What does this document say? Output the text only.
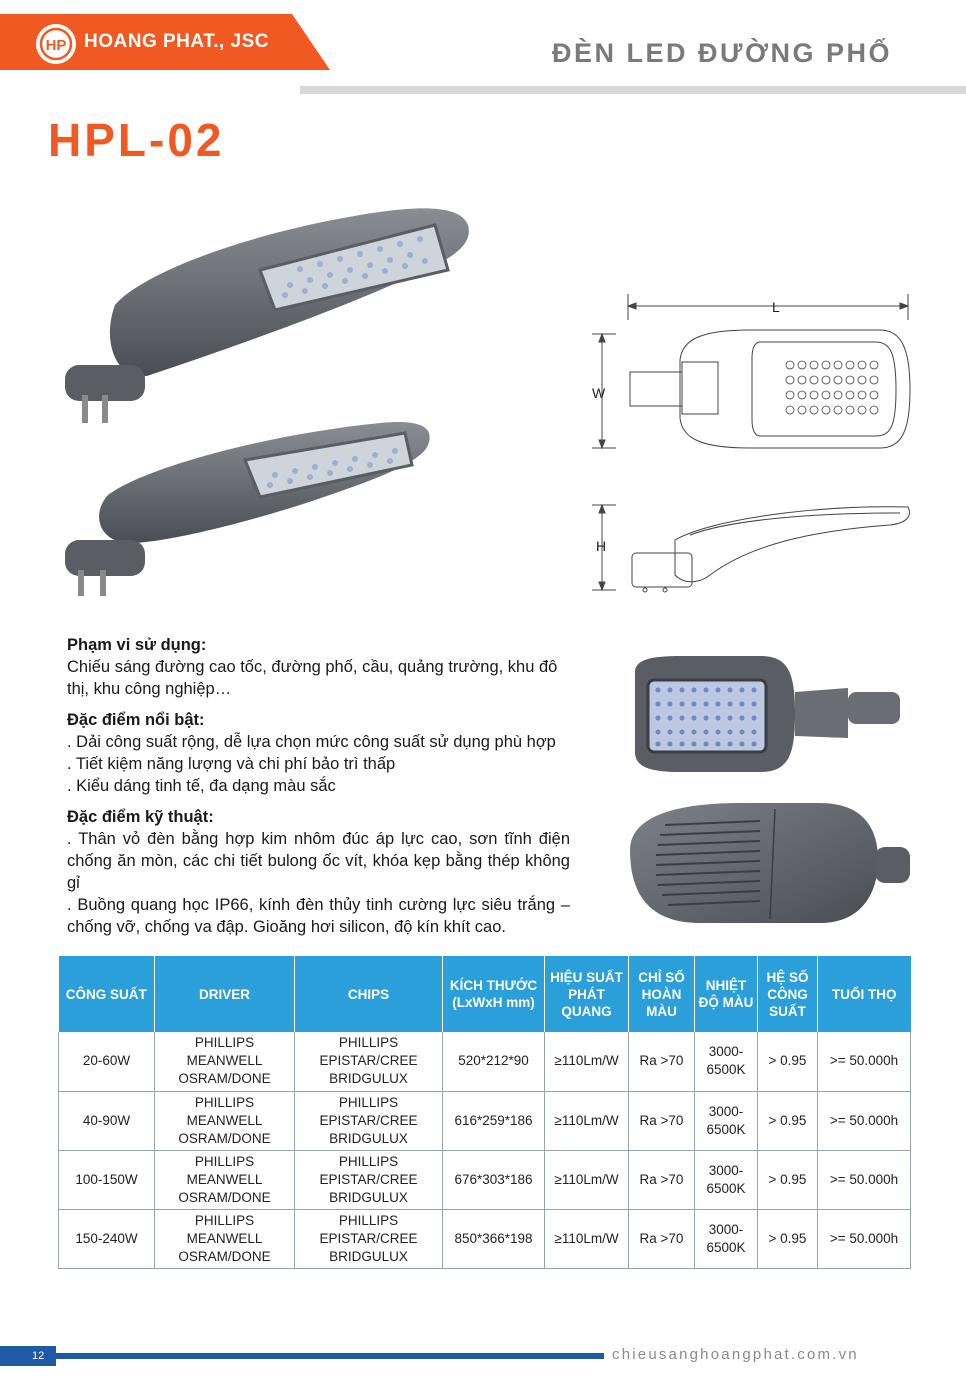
HP HOANG PHAT., JSC	ĐÈN LED ĐƯỜNG PHỐ
HPL-02
L
W
H
Phạm vi sử dụng:

Chiếu sáng đường cao tốc, đường phố, cầu, quảng trường, khu đô thị, khu công nghiệp…

Đặc điểm nổi bật:

. Dải công suất rộng, dễ lựa chọn mức công suất sử dụng phù hợp

. Tiết kiệm năng lượng và chi phí bảo trì thấp

. Kiểu dáng tinh tế, đa dạng màu sắc

Đặc điểm kỹ thuật:

. Thân vỏ đèn bằng hợp kim nhôm đúc áp lực cao, sơn tĩnh điện chống ăn mòn, các chi tiết bulong ốc vít, khóa kẹp bằng thép không gỉ

. Buồng quang học IP66, kính đèn thủy tinh cường lực siêu trắng – chống vỡ, chống va đập. Gioăng hơi silicon, độ kín khít cao.

CÔNG SUẤT	DRIVER	CHIPS	KÍCH THƯỚC (LxWxH mm)	HIỆU SUẤT PHÁT QUANG	CHỈ SỐ HOÀN MÀU	NHIỆT ĐỘ MÀU	HỆ SỐ CÔNG SUẤT	TUỔI THỌ
20-60W	PHILLIPS
MEANWELL
OSRAM/DONE	PHILLIPS
EPISTAR/CREE
BRIDGULUX	520*212*90	≥110Lm/W	Ra >70	3000-
6500K	> 0.95	>= 50.000h
40-90W	PHILLIPS
MEANWELL
OSRAM/DONE	PHILLIPS
EPISTAR/CREE
BRIDGULUX	616*259*186	≥110Lm/W	Ra >70	3000-
6500K	> 0.95	>= 50.000h
100-150W	PHILLIPS
MEANWELL
OSRAM/DONE	PHILLIPS
EPISTAR/CREE
BRIDGULUX	676*303*186	≥110Lm/W	Ra >70	3000-
6500K	> 0.95	>= 50.000h
150-240W	PHILLIPS
MEANWELL
OSRAM/DONE	PHILLIPS
EPISTAR/CREE
BRIDGULUX	850*366*198	≥110Lm/W	Ra >70	3000-
6500K	> 0.95	>= 50.000h
12	chieusanghoangphat.com.vn
